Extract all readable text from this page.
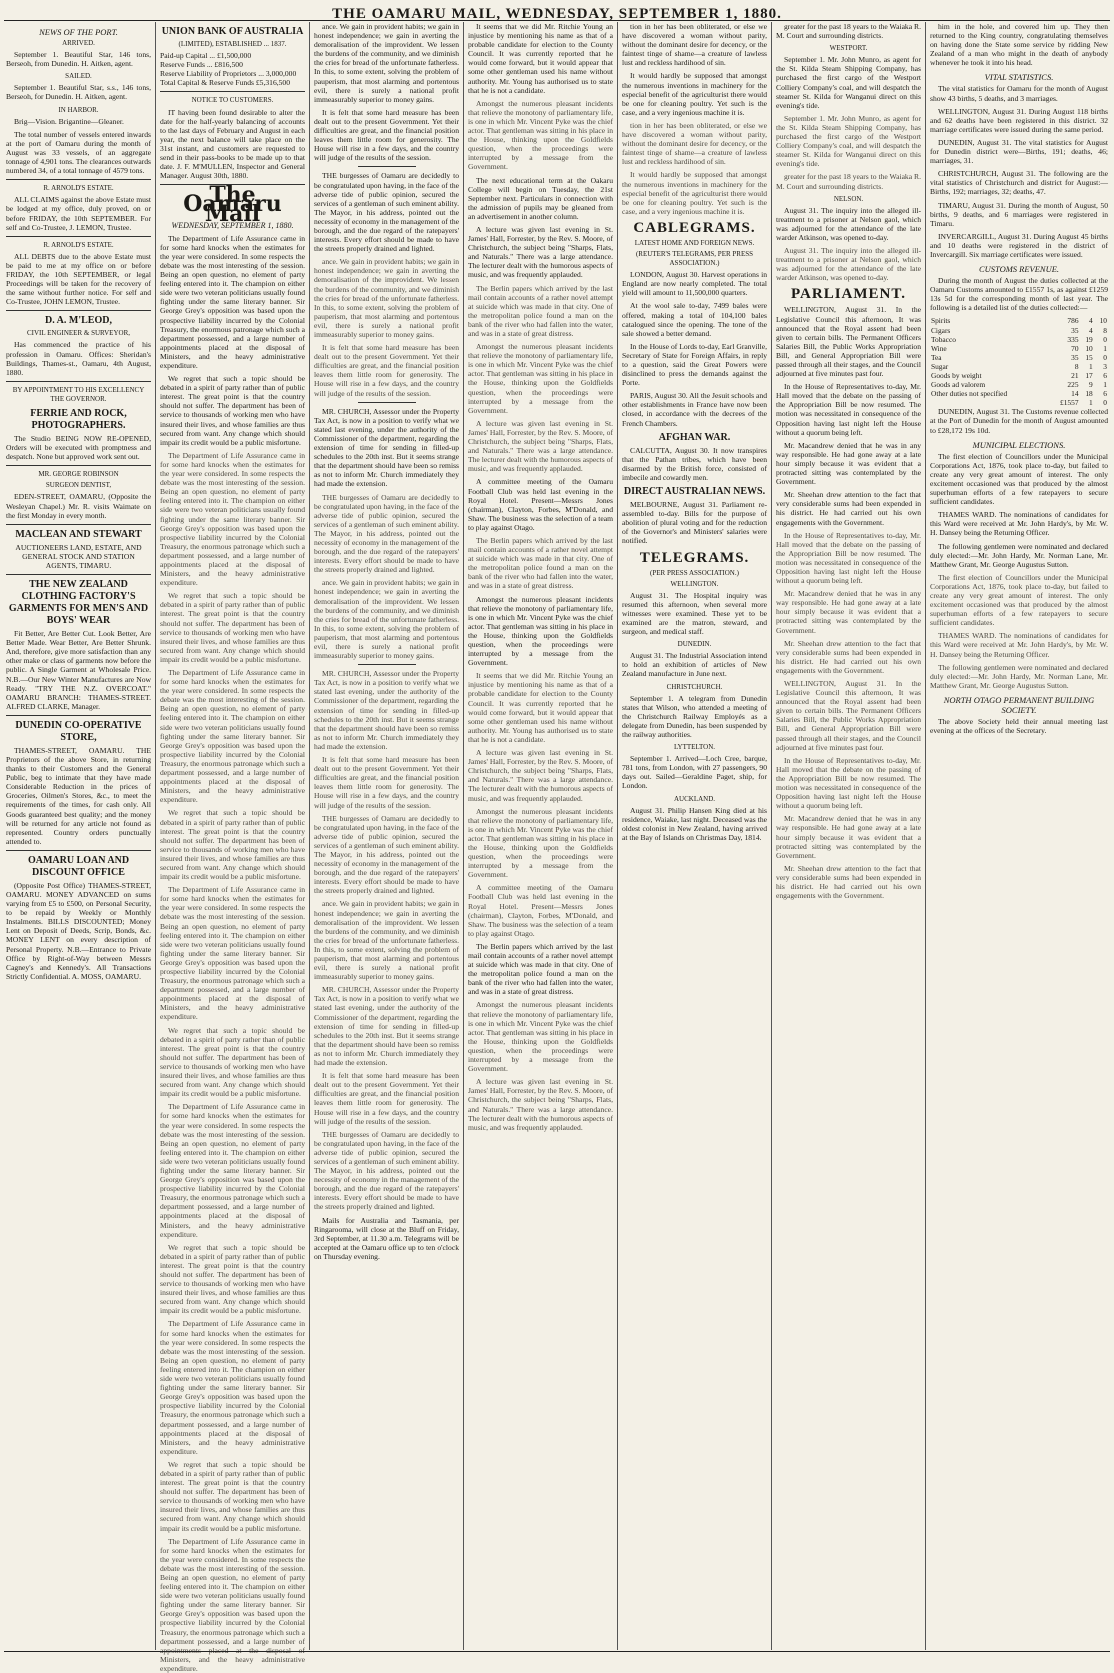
THE OAMARU MAIL, WEDNESDAY, SEPTEMBER 1, 1880.
NEWS OF THE PORT.
ARRIVED.

September 1. Beautiful Star, 146 tons, Berseoh, from Dunedin. H. Aitken, agent.

SAILED.

September 1. Beautiful Star, s.s., 146 tons, Berseoh, for Dunedin. H. Aitken, agent.

IN HARBOR.

Brig—Vision. Brigantine—Gleaner.

The total number of vessels entered inwards at the port of Oamaru during the month of August was 33 vessels, of an aggregate tonnage of 4,901 tons. The clearances outwards numbered 34, of a total tonnage of 4579 tons.

R. ARNOLD'S ESTATE.

ALL CLAIMS against the above Estate must be lodged at my office, duly proved, on or before FRIDAY, the 10th SEPTEMBER. For self and Co-Trustee, J. LEMON, Trustee.

R. ARNOLD'S ESTATE.

ALL DEBTS due to the above Estate must be paid to me at my office on or before FRIDAY, the 10th SEPTEMBER, or legal Proceedings will be taken for the recovery of the same without further notice. For self and Co-Trustee, JOHN LEMON, Trustee.

D. A. M'LEOD,
CIVIL ENGINEER & SURVEYOR,

Has commenced the practice of his profession in Oamaru. Offices: Sheridan's Buildings, Thames-st., Oamaru, 4th August, 1880.

BY APPOINTMENT TO HIS EXCELLENCY THE GOVERNOR.
FERRIE AND ROCK, PHOTOGRAPHERS.

The Studio BEING NOW RE-OPENED, Orders will be executed with promptness and despatch. None but approved work sent out.

MR. GEORGE ROBINSON
SURGEON DENTIST,

EDEN-STREET, OAMARU, (Opposite the Wesleyan Chapel.) Mr. R. visits Waimate on the first Monday in every month.

MACLEAN AND STEWART

AUCTIONEERS LAND, ESTATE, AND GENERAL STOCK AND STATION AGENTS, TIMARU.

THE NEW ZEALAND CLOTHING FACTORY'S GARMENTS FOR MEN'S AND BOYS' WEAR

Fit Better, Are Better Cut. Look Better, Are Better Made. Wear Better, Are Better Shrunk. And, therefore, give more satisfaction than any other make or class of garments now before the public. A Single Garment at Wholesale Price. N.B.—Our New Winter Manufactures are Now Ready. "TRY THE N.Z. OVERCOAT." OAMARU BRANCH: THAMES-STREET. ALFRED CLARKE, Manager.

DUNEDIN CO-OPERATIVE STORE,

THAMES-STREET, OAMARU. THE Proprietors of the above Store, in returning thanks to their Customers and the General Public, beg to intimate that they have made Considerable Reduction in the prices of Groceries, Oilmen's Stores, &c., to meet the requirements of the times, for cash only. All Goods guaranteed best quality; and the money will be returned for any article not found as represented. Country orders punctually attended to.

OAMARU LOAN AND DISCOUNT OFFICE

(Opposite Post Office) THAMES-STREET, OAMARU. MONEY ADVANCED on sums varying from £5 to £500, on Personal Security, to be repaid by Weekly or Monthly Instalments. BILLS DISCOUNTED; Money Lent on Deposit of Deeds, Scrip, Bonds, &c. MONEY LENT on every description of Personal Property. N.B.—Entrance to Private Office by Right-of-Way between Messrs Cagney's and Kennedy's. All Transactions Strictly Confidential. A. MOSS, OAMARU.

UNION BANK OF AUSTRALIA
(LIMITED), ESTABLISHED ... 1837.
Paid-up Capital ... £1,500,000
Reserve Funds ... £816,500
Reserve Liability of Proprietors ... 3,000,000
Total Capital & Reserve Funds £5,316,500
NOTICE TO CUSTOMERS.

IT having been found desirable to alter the date for the half-yearly balancing of accounts to the last days of February and August in each year, the next balance will take place on the 31st instant, and customers are requested to send in their pass-books to be made up to that date. J. F. M'MULLEN, Inspector and General Manager. August 30th, 1880.

The Oamaru Mail
WEDNESDAY, SEPTEMBER 1, 1880.

The Department of Life Assurance came in for some hard knocks when the estimates for the year were considered. In some respects the debate was the most interesting of the session. Being an open question, no element of party feeling entered into it. The champion on either side were two veteran politicians usually found fighting under the same literary banner. Sir George Grey's opposition was based upon the prospective liability incurred by the Colonial Treasury, the enormous patronage which such a department possessed, and a large number of appointments placed at the disposal of Ministers, and the heavy administrative expenditure.

We regret that such a topic should be debated in a spirit of party rather than of public interest. The great point is that the country should not suffer. The department has been of service to thousands of working men who have insured their lives, and whose families are thus secured from want. Any change which should impair its credit would be a public misfortune.

The Department of Life Assurance came in for some hard knocks when the estimates for the year were considered. In some respects the debate was the most interesting of the session. Being an open question, no element of party feeling entered into it. The champion on either side were two veteran politicians usually found fighting under the same literary banner. Sir George Grey's opposition was based upon the prospective liability incurred by the Colonial Treasury, the enormous patronage which such a department possessed, and a large number of appointments placed at the disposal of Ministers, and the heavy administrative expenditure.

We regret that such a topic should be debated in a spirit of party rather than of public interest. The great point is that the country should not suffer. The department has been of service to thousands of working men who have insured their lives, and whose families are thus secured from want. Any change which should impair its credit would be a public misfortune.

The Department of Life Assurance came in for some hard knocks when the estimates for the year were considered. In some respects the debate was the most interesting of the session. Being an open question, no element of party feeling entered into it. The champion on either side were two veteran politicians usually found fighting under the same literary banner. Sir George Grey's opposition was based upon the prospective liability incurred by the Colonial Treasury, the enormous patronage which such a department possessed, and a large number of appointments placed at the disposal of Ministers, and the heavy administrative expenditure.

We regret that such a topic should be debated in a spirit of party rather than of public interest. The great point is that the country should not suffer. The department has been of service to thousands of working men who have insured their lives, and whose families are thus secured from want. Any change which should impair its credit would be a public misfortune.

The Department of Life Assurance came in for some hard knocks when the estimates for the year were considered. In some respects the debate was the most interesting of the session. Being an open question, no element of party feeling entered into it. The champion on either side were two veteran politicians usually found fighting under the same literary banner. Sir George Grey's opposition was based upon the prospective liability incurred by the Colonial Treasury, the enormous patronage which such a department possessed, and a large number of appointments placed at the disposal of Ministers, and the heavy administrative expenditure.

We regret that such a topic should be debated in a spirit of party rather than of public interest. The great point is that the country should not suffer. The department has been of service to thousands of working men who have insured their lives, and whose families are thus secured from want. Any change which should impair its credit would be a public misfortune.

The Department of Life Assurance came in for some hard knocks when the estimates for the year were considered. In some respects the debate was the most interesting of the session. Being an open question, no element of party feeling entered into it. The champion on either side were two veteran politicians usually found fighting under the same literary banner. Sir George Grey's opposition was based upon the prospective liability incurred by the Colonial Treasury, the enormous patronage which such a department possessed, and a large number of appointments placed at the disposal of Ministers, and the heavy administrative expenditure.

We regret that such a topic should be debated in a spirit of party rather than of public interest. The great point is that the country should not suffer. The department has been of service to thousands of working men who have insured their lives, and whose families are thus secured from want. Any change which should impair its credit would be a public misfortune.

The Department of Life Assurance came in for some hard knocks when the estimates for the year were considered. In some respects the debate was the most interesting of the session. Being an open question, no element of party feeling entered into it. The champion on either side were two veteran politicians usually found fighting under the same literary banner. Sir George Grey's opposition was based upon the prospective liability incurred by the Colonial Treasury, the enormous patronage which such a department possessed, and a large number of appointments placed at the disposal of Ministers, and the heavy administrative expenditure.

We regret that such a topic should be debated in a spirit of party rather than of public interest. The great point is that the country should not suffer. The department has been of service to thousands of working men who have insured their lives, and whose families are thus secured from want. Any change which should impair its credit would be a public misfortune.

The Department of Life Assurance came in for some hard knocks when the estimates for the year were considered. In some respects the debate was the most interesting of the session. Being an open question, no element of party feeling entered into it. The champion on either side were two veteran politicians usually found fighting under the same literary banner. Sir George Grey's opposition was based upon the prospective liability incurred by the Colonial Treasury, the enormous patronage which such a department possessed, and a large number of appointments placed at the disposal of Ministers, and the heavy administrative expenditure.

ance. We gain in provident habits; we gain in honest independence; we gain in averting the demoralisation of the improvident. We lessen the burdens of the community, and we diminish the cries for bread of the unfortunate fatherless. In this, to some extent, solving the problem of pauperism, that most alarming and portentous evil, there is surely a national profit immeasurably superior to money gains.

It is felt that some hard measure has been dealt out to the present Government. Yet their difficulties are great, and the financial position leaves them little room for generosity. The House will rise in a few days, and the country will judge of the results of the session.

THE burgesses of Oamaru are decidedly to be congratulated upon having, in the face of the adverse tide of public opinion, secured the services of a gentleman of such eminent ability. The Mayor, in his address, pointed out the necessity of economy in the management of the borough, and the due regard of the ratepayers' interests. Every effort should be made to have the streets properly drained and lighted.

ance. We gain in provident habits; we gain in honest independence; we gain in averting the demoralisation of the improvident. We lessen the burdens of the community, and we diminish the cries for bread of the unfortunate fatherless. In this, to some extent, solving the problem of pauperism, that most alarming and portentous evil, there is surely a national profit immeasurably superior to money gains.

It is felt that some hard measure has been dealt out to the present Government. Yet their difficulties are great, and the financial position leaves them little room for generosity. The House will rise in a few days, and the country will judge of the results of the session.

MR. CHURCH, Assessor under the Property Tax Act, is now in a position to verify what we stated last evening, under the authority of the Commissioner of the department, regarding the extension of time for sending in filled-up schedules to the 20th inst. But it seems strange that the department should have been so remiss as not to inform Mr. Church immediately they had made the extension.

THE burgesses of Oamaru are decidedly to be congratulated upon having, in the face of the adverse tide of public opinion, secured the services of a gentleman of such eminent ability. The Mayor, in his address, pointed out the necessity of economy in the management of the borough, and the due regard of the ratepayers' interests. Every effort should be made to have the streets properly drained and lighted.

ance. We gain in provident habits; we gain in honest independence; we gain in averting the demoralisation of the improvident. We lessen the burdens of the community, and we diminish the cries for bread of the unfortunate fatherless. In this, to some extent, solving the problem of pauperism, that most alarming and portentous evil, there is surely a national profit immeasurably superior to money gains.

MR. CHURCH, Assessor under the Property Tax Act, is now in a position to verify what we stated last evening, under the authority of the Commissioner of the department, regarding the extension of time for sending in filled-up schedules to the 20th inst. But it seems strange that the department should have been so remiss as not to inform Mr. Church immediately they had made the extension.

It is felt that some hard measure has been dealt out to the present Government. Yet their difficulties are great, and the financial position leaves them little room for generosity. The House will rise in a few days, and the country will judge of the results of the session.

THE burgesses of Oamaru are decidedly to be congratulated upon having, in the face of the adverse tide of public opinion, secured the services of a gentleman of such eminent ability. The Mayor, in his address, pointed out the necessity of economy in the management of the borough, and the due regard of the ratepayers' interests. Every effort should be made to have the streets properly drained and lighted.

ance. We gain in provident habits; we gain in honest independence; we gain in averting the demoralisation of the improvident. We lessen the burdens of the community, and we diminish the cries for bread of the unfortunate fatherless. In this, to some extent, solving the problem of pauperism, that most alarming and portentous evil, there is surely a national profit immeasurably superior to money gains.

MR. CHURCH, Assessor under the Property Tax Act, is now in a position to verify what we stated last evening, under the authority of the Commissioner of the department, regarding the extension of time for sending in filled-up schedules to the 20th inst. But it seems strange that the department should have been so remiss as not to inform Mr. Church immediately they had made the extension.

It is felt that some hard measure has been dealt out to the present Government. Yet their difficulties are great, and the financial position leaves them little room for generosity. The House will rise in a few days, and the country will judge of the results of the session.

THE burgesses of Oamaru are decidedly to be congratulated upon having, in the face of the adverse tide of public opinion, secured the services of a gentleman of such eminent ability. The Mayor, in his address, pointed out the necessity of economy in the management of the borough, and the due regard of the ratepayers' interests. Every effort should be made to have the streets properly drained and lighted.

Mails for Australia and Tasmania, per Ringarooma, will close at the Bluff on Friday, 3rd September, at 11.30 a.m. Telegrams will be accepted at the Oamaru office up to ten o'clock on Thursday evening.

It seems that we did Mr. Ritchie Young an injustice by mentioning his name as that of a probable candidate for election to the County Council. It was currently reported that he would come forward, but it would appear that some other gentleman used his name without authority. Mr. Young has authorised us to state that he is not a candidate.

Amongst the numerous pleasant incidents that relieve the monotony of parliamentary life, is one in which Mr. Vincent Pyke was the chief actor. That gentleman was sitting in his place in the House, thinking upon the Goldfields question, when the proceedings were interrupted by a message from the Government.

The next educational term at the Oakaru College will begin on Tuesday, the 21st September next. Particulars in connection with the admission of pupils may be gleaned from an advertisement in another column.

A lecture was given last evening in St. James' Hall, Forrester, by the Rev. S. Moore, of Christchurch, the subject being "Sharps, Flats, and Naturals." There was a large attendance. The lecturer dealt with the humorous aspects of music, and was frequently applauded.

The Berlin papers which arrived by the last mail contain accounts of a rather novel attempt at suicide which was made in that city. One of the metropolitan police found a man on the bank of the river who had fallen into the water, and was in a state of great distress.

Amongst the numerous pleasant incidents that relieve the monotony of parliamentary life, is one in which Mr. Vincent Pyke was the chief actor. That gentleman was sitting in his place in the House, thinking upon the Goldfields question, when the proceedings were interrupted by a message from the Government.

A lecture was given last evening in St. James' Hall, Forrester, by the Rev. S. Moore, of Christchurch, the subject being "Sharps, Flats, and Naturals." There was a large attendance. The lecturer dealt with the humorous aspects of music, and was frequently applauded.

A committee meeting of the Oamaru Football Club was held last evening in the Royal Hotel. Present—Messrs Jones (chairman), Clayton, Forbes, M'Donald, and Shaw. The business was the selection of a team to play against Otago.

The Berlin papers which arrived by the last mail contain accounts of a rather novel attempt at suicide which was made in that city. One of the metropolitan police found a man on the bank of the river who had fallen into the water, and was in a state of great distress.

Amongst the numerous pleasant incidents that relieve the monotony of parliamentary life, is one in which Mr. Vincent Pyke was the chief actor. That gentleman was sitting in his place in the House, thinking upon the Goldfields question, when the proceedings were interrupted by a message from the Government.

It seems that we did Mr. Ritchie Young an injustice by mentioning his name as that of a probable candidate for election to the County Council. It was currently reported that he would come forward, but it would appear that some other gentleman used his name without authority. Mr. Young has authorised us to state that he is not a candidate.

A lecture was given last evening in St. James' Hall, Forrester, by the Rev. S. Moore, of Christchurch, the subject being "Sharps, Flats, and Naturals." There was a large attendance. The lecturer dealt with the humorous aspects of music, and was frequently applauded.

Amongst the numerous pleasant incidents that relieve the monotony of parliamentary life, is one in which Mr. Vincent Pyke was the chief actor. That gentleman was sitting in his place in the House, thinking upon the Goldfields question, when the proceedings were interrupted by a message from the Government.

A committee meeting of the Oamaru Football Club was held last evening in the Royal Hotel. Present—Messrs Jones (chairman), Clayton, Forbes, M'Donald, and Shaw. The business was the selection of a team to play against Otago.

The Berlin papers which arrived by the last mail contain accounts of a rather novel attempt at suicide which was made in that city. One of the metropolitan police found a man on the bank of the river who had fallen into the water, and was in a state of great distress.

Amongst the numerous pleasant incidents that relieve the monotony of parliamentary life, is one in which Mr. Vincent Pyke was the chief actor. That gentleman was sitting in his place in the House, thinking upon the Goldfields question, when the proceedings were interrupted by a message from the Government.

A lecture was given last evening in St. James' Hall, Forrester, by the Rev. S. Moore, of Christchurch, the subject being "Sharps, Flats, and Naturals." There was a large attendance. The lecturer dealt with the humorous aspects of music, and was frequently applauded.

tion in her has been obliterated, or else we have discovered a woman without parity, without the dominant desire for decency, or the faintest tinge of shame—a creature of lawless lust and reckless hardihood of sin.

It would hardly be supposed that amongst the numerous inventions in machinery for the especial benefit of the agriculturist there would be one for cleaning poultry. Yet such is the case, and a very ingenious machine it is.

tion in her has been obliterated, or else we have discovered a woman without parity, without the dominant desire for decency, or the faintest tinge of shame—a creature of lawless lust and reckless hardihood of sin.

It would hardly be supposed that amongst the numerous inventions in machinery for the especial benefit of the agriculturist there would be one for cleaning poultry. Yet such is the case, and a very ingenious machine it is.

CABLEGRAMS.
LATEST HOME AND FOREIGN NEWS.
(REUTER'S TELEGRAMS, PER PRESS ASSOCIATION.)

LONDON, August 30. Harvest operations in England are now nearly completed. The total yield will amount to 11,500,000 quarters.

At the wool sale to-day, 7499 bales were offered, making a total of 104,100 bales catalogued since the opening. The tone of the sale showed a better demand.

In the House of Lords to-day, Earl Granville, Secretary of State for Foreign Affairs, in reply to a question, said the Great Powers were disinclined to press the demands against the Porte.

PARIS, August 30. All the Jesuit schools and other establishments in France have now been closed, in accordance with the decrees of the French Chambers.

AFGHAN WAR.

CALCUTTA, August 30. It now transpires that the Pathan tribes, which have been disarmed by the British force, consisted of imbecile and cowardly men.

DIRECT AUSTRALIAN NEWS.

MELBOURNE, August 31. Parliament re-assembled to-day. Bills for the purpose of abolition of plural voting and for the reduction of the Governor's and Ministers' salaries were notified.

TELEGRAMS.
(PER PRESS ASSOCIATION.)
WELLINGTON.

August 31. The Hospital inquiry was resumed this afternoon, when several more witnesses were examined. These yet to be examined are the matron, steward, and surgeon, and medical staff.

DUNEDIN.

August 31. The Industrial Association intend to hold an exhibition of articles of New Zealand manufacture in June next.

CHRISTCHURCH.

September 1. A telegram from Dunedin states that Wilson, who attended a meeting of the Christchurch Railway Employés as a delegate from Dunedin, has been suspended by the railway authorities.

LYTTELTON.

September 1. Arrived—Loch Cree, barque, 781 tons, from London, with 27 passengers, 90 days out. Sailed—Geraldine Paget, ship, for London.

AUCKLAND.

August 31. Philip Hansen King died at his residence, Waiake, last night. Deceased was the oldest colonist in New Zealand, having arrived at the Bay of Islands on Christmas Day, 1814.

greater for the past 18 years to the Waiaka R. M. Court and surrounding districts.

WESTPORT.

September 1. Mr. John Munro, as agent for the St. Kilda Steam Shipping Company, has purchased the first cargo of the Westport Colliery Company's coal, and will despatch the steamer St. Kilda for Wanganui direct on this evening's tide.

September 1. Mr. John Munro, as agent for the St. Kilda Steam Shipping Company, has purchased the first cargo of the Westport Colliery Company's coal, and will despatch the steamer St. Kilda for Wanganui direct on this evening's tide.

greater for the past 18 years to the Waiaka R. M. Court and surrounding districts.

NELSON.

August 31. The inquiry into the alleged ill-treatment to a prisoner at Nelson gaol, which was adjourned for the attendance of the late warder Atkinson, was opened to-day.

August 31. The inquiry into the alleged ill-treatment to a prisoner at Nelson gaol, which was adjourned for the attendance of the late warder Atkinson, was opened to-day.

PARLIAMENT.

WELLINGTON, August 31. In the Legislative Council this afternoon, It was announced that the Royal assent had been given to certain bills. The Permanent Officers Salaries Bill, the Public Works Appropriation Bill, and General Appropriation Bill were passed through all their stages, and the Council adjourned at five minutes past four.

In the House of Representatives to-day, Mr. Hall moved that the debate on the passing of the Appropriation Bill be now resumed. The motion was necessitated in consequence of the Opposition having last night left the House without a quorum being left.

Mr. Macandrew denied that he was in any way responsible. He had gone away at a late hour simply because it was evident that a protracted sitting was contemplated by the Government.

Mr. Sheehan drew attention to the fact that very considerable sums had been expended in his district. He had carried out his own engagements with the Government.

In the House of Representatives to-day, Mr. Hall moved that the debate on the passing of the Appropriation Bill be now resumed. The motion was necessitated in consequence of the Opposition having last night left the House without a quorum being left.

Mr. Macandrew denied that he was in any way responsible. He had gone away at a late hour simply because it was evident that a protracted sitting was contemplated by the Government.

Mr. Sheehan drew attention to the fact that very considerable sums had been expended in his district. He had carried out his own engagements with the Government.

WELLINGTON, August 31. In the Legislative Council this afternoon, It was announced that the Royal assent had been given to certain bills. The Permanent Officers Salaries Bill, the Public Works Appropriation Bill, and General Appropriation Bill were passed through all their stages, and the Council adjourned at five minutes past four.

In the House of Representatives to-day, Mr. Hall moved that the debate on the passing of the Appropriation Bill be now resumed. The motion was necessitated in consequence of the Opposition having last night left the House without a quorum being left.

Mr. Macandrew denied that he was in any way responsible. He had gone away at a late hour simply because it was evident that a protracted sitting was contemplated by the Government.

Mr. Sheehan drew attention to the fact that very considerable sums had been expended in his district. He had carried out his own engagements with the Government.

him in the hole, and covered him up. They then returned to the King country, congratulating themselves on having done the State some service by ridding New Zealand of a man who might in the death of anybody whenever he took it into his head.

VITAL STATISTICS.

The vital statistics for Oamaru for the month of August show 43 births, 5 deaths, and 3 marriages.

WELLINGTON, August 31. During August 118 births and 62 deaths have been registered in this district. 32 marriage certificates were issued during the same period.

DUNEDIN, August 31. The vital statistics for August for Dunedin district were—Births, 191; deaths, 46; marriages, 31.

CHRISTCHURCH, August 31. The following are the vital statistics of Christchurch and district for August:—Births, 192; marriages, 32; deaths, 47.

TIMARU, August 31. During the month of August, 50 births, 9 deaths, and 6 marriages were registered in Timaru.

INVERCARGILL, August 31. During August 45 births and 10 deaths were registered in the district of Invercargill. Six marriage certificates were issued.

CUSTOMS REVENUE.

During the month of August the duties collected at the Oamaru Customs amounted to £1557 1s, as against £1259 13s 5d for the corresponding month of last year. The following is a detailed list of the duties collected:—

Spirits	786	4	10
Cigars	35	4	8
Tobacco	335	19	0
Wine	70	10	1
Tea	35	15	0
Sugar	8	1	3
Goods by weight	21	17	6
Goods ad valorem	225	9	1
Other duties not specified	14	18	6
	£1557	1	0

DUNEDIN, August 31. The Customs revenue collected at the Port of Dunedin for the month of August amounted to £28,172 19s 10d.

MUNICIPAL ELECTIONS.

The first election of Councillors under the Municipal Corporations Act, 1876, took place to-day, but failed to create any very great amount of interest. The only excitement occasioned was that produced by the almost superhuman efforts of a few ratepayers to secure sufficient candidates.

THAMES WARD. The nominations of candidates for this Ward were received at Mr. John Hardy's, by Mr. W. H. Dansey being the Returning Officer.

The following gentlemen were nominated and declared duly elected:—Mr. John Hardy, Mr. Norman Lane, Mr. Matthew Grant, Mr. George Augustus Sutton.

The first election of Councillors under the Municipal Corporations Act, 1876, took place to-day, but failed to create any very great amount of interest. The only excitement occasioned was that produced by the almost superhuman efforts of a few ratepayers to secure sufficient candidates.

THAMES WARD. The nominations of candidates for this Ward were received at Mr. John Hardy's, by Mr. W. H. Dansey being the Returning Officer.

The following gentlemen were nominated and declared duly elected:—Mr. John Hardy, Mr. Norman Lane, Mr. Matthew Grant, Mr. George Augustus Sutton.

NORTH OTAGO PERMANENT BUILDING SOCIETY.

The above Society held their annual meeting last evening at the offices of the Secretary.
